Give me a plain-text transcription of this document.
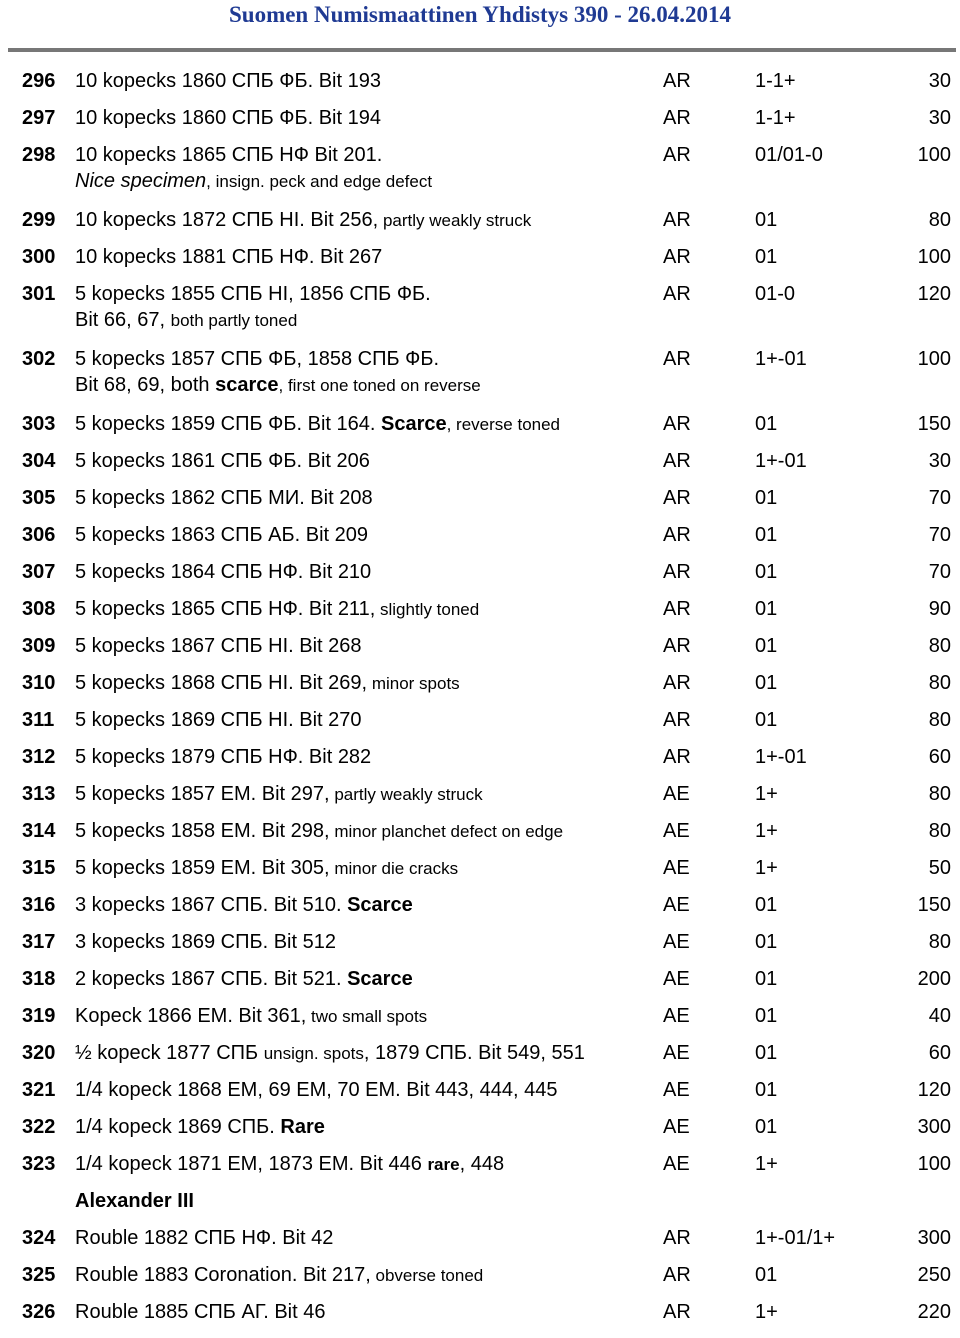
Suomen Numismaattinen Yhdistys 390 - 26.04.2014
296 10 kopecks 1860 СПБ ФБ. Bit 193	AR	1-1+	30
297 10 kopecks 1860 СПБ ФБ. Bit 194	AR	1-1+	30
298 10 kopecks 1865 СПБ НФ Bit 201.
Nice specimen, insign. peck and edge defect
AR	01/01-0	100
299 10 kopecks 1872 СПБ HI. Bit 256, partly weakly struck	AR	01	80
300 10 kopecks 1881 СПБ НФ. Bit 267	AR	01	100
301 5 kopecks 1855 СПБ HI, 1856 СПБ ФБ.
Bit 66, 67, both partly toned
AR	01-0	120
302 5 kopecks 1857 СПБ ФБ, 1858 СПБ ФБ.
Bit 68, 69, both scarce, first one toned on reverse
AR	1+-01	100
303 5 kopecks 1859 СПБ ФБ. Bit 164. Scarce, reverse toned	AR	01	150
304 5 kopecks 1861 СПБ ФБ. Bit 206	AR	1+-01	30
305 5 kopecks 1862 СПБ МИ. Bit 208	AR	01	70
306 5 kopecks 1863 СПБ АБ. Bit 209	AR	01	70
307 5 kopecks 1864 СПБ НФ. Bit 210	AR	01	70
308 5 kopecks 1865 СПБ НФ. Bit 211, slightly toned	AR	01	90
309 5 kopecks 1867 СПБ HI. Bit 268	AR	01	80
310 5 kopecks 1868 СПБ HI. Bit 269, minor spots	AR	01	80
311 5 kopecks 1869 СПБ HI. Bit 270	AR	01	80
312 5 kopecks 1879 СПБ НФ. Bit 282	AR	1+-01	60
313 5 kopecks 1857 EM. Bit 297, partly weakly struck	AE	1+	80
314 5 kopecks 1858 EM. Bit 298, minor planchet defect on edge	AE	1+	80
315 5 kopecks 1859 EM. Bit 305, minor die cracks	AE	1+	50
316 3 kopecks 1867 СПБ. Bit 510. Scarce	AE	01	150
317 3 kopecks 1869 СПБ. Bit 512	AE	01	80
318 2 kopecks 1867 СПБ. Bit 521. Scarce	AE	01	200
319 Kopeck 1866 EM. Bit 361, two small spots	AE	01	40
320 ½ kopeck 1877 СПБ unsign. spots, 1879 СПБ. Bit 549, 551	AE	01	60
321 1/4 kopeck 1868 EM, 69 EM, 70 EM. Bit 443, 444, 445	AE	01	120
322 1/4 kopeck 1869 СПБ. Rare	AE	01	300
323 1/4 kopeck 1871 EM, 1873 EM. Bit 446 rare, 448	AE	1+	100
Alexander III
324 Rouble 1882 СПБ НФ. Bit 42	AR	1+-01/1+	300
325 Rouble 1883 Coronation. Bit 217, obverse toned	AR	01	250
326 Rouble 1885 СПБ АГ. Bit 46	AR	1+	220
